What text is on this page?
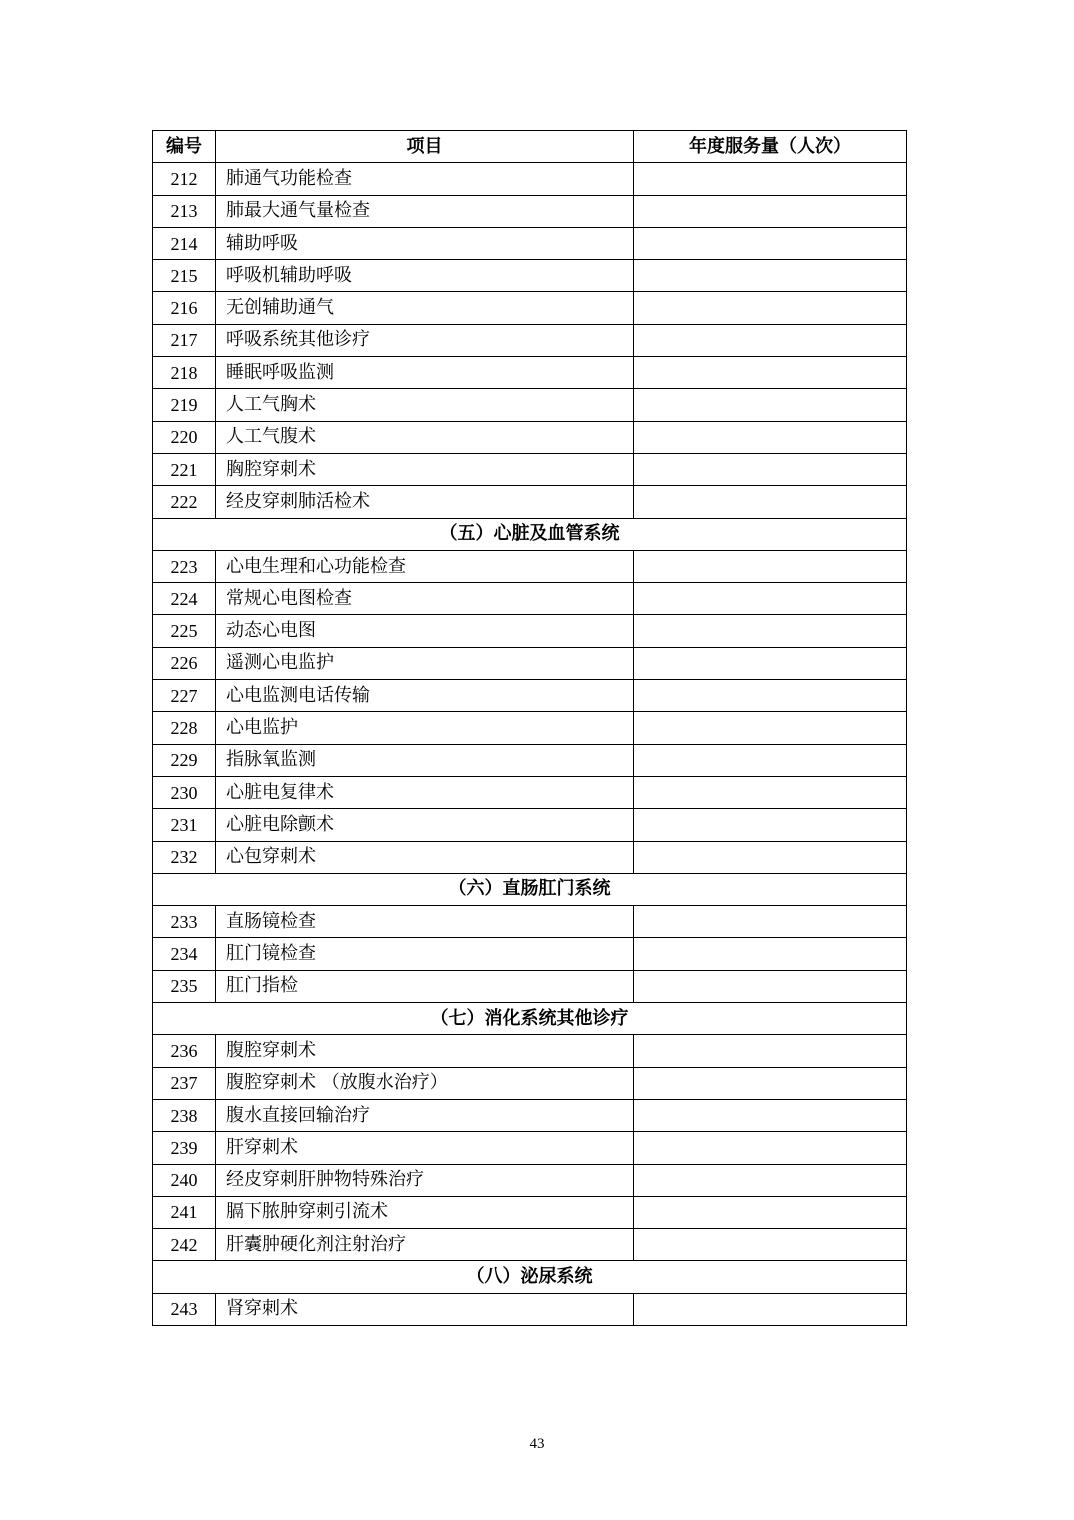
编号	项目	年度服务量（人次）
212	肺通气功能检查	
213	肺最大通气量检查	
214	辅助呼吸	
215	呼吸机辅助呼吸	
216	无创辅助通气	
217	呼吸系统其他诊疗	
218	睡眠呼吸监测	
219	人工气胸术	
220	人工气腹术	
221	胸腔穿刺术	
222	经皮穿刺肺活检术	
（五）心脏及血管系统		
223	心电生理和心功能检查	
224	常规心电图检查	
225	动态心电图	
226	遥测心电监护	
227	心电监测电话传输	
228	心电监护	
229	指脉氧监测	
230	心脏电复律术	
231	心脏电除颤术	
232	心包穿刺术	
（六）直肠肛门系统		
233	直肠镜检查	
234	肛门镜检查	
235	肛门指检	
（七）消化系统其他诊疗		
236	腹腔穿刺术	
237	腹腔穿刺术 （放腹水治疗）	
238	腹水直接回输治疗	
239	肝穿刺术	
240	经皮穿刺肝肿物特殊治疗	
241	膈下脓肿穿刺引流术	
242	肝囊肿硬化剂注射治疗	
（八）泌尿系统		
243	肾穿刺术	
43
